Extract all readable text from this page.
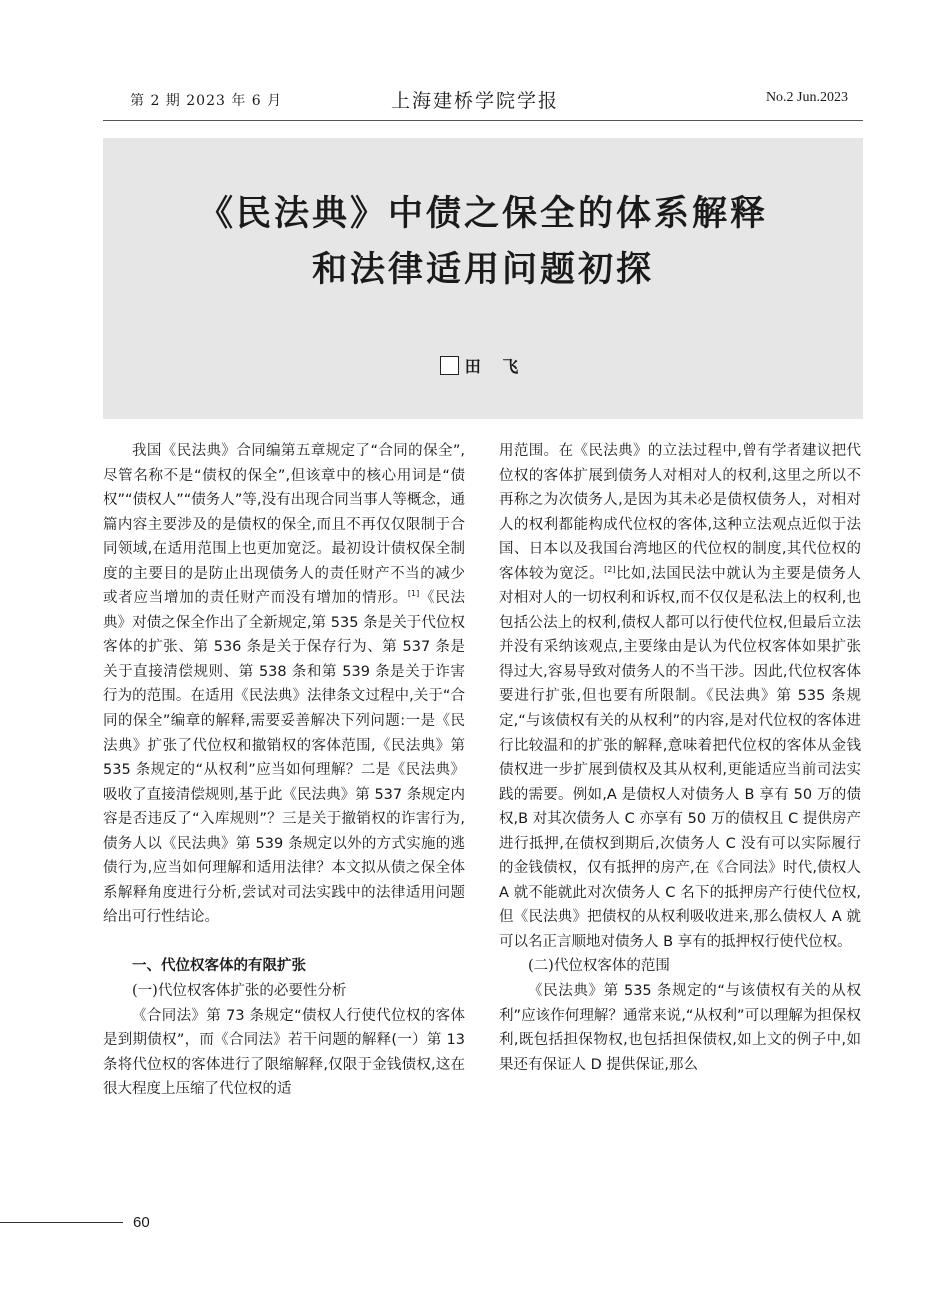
第 2 期 2023 年 6 月	上海建桥学院学报	No.2 Jun.2023
《民法典》中债之保全的体系解释
和法律适用问题初探
田 飞

我国《民法典》合同编第五章规定了“合同的保全”,尽管名称不是“债权的保全”,但该章中的核心用词是“债权”“债权人”“债务人”等,没有出现合同当事人等概念，通篇内容主要涉及的是债权的保全,而且不再仅仅限制于合同领域,在适用范围上也更加宽泛。最初设计债权保全制度的主要目的是防止出现债务人的责任财产不当的减少或者应当增加的责任财产而没有增加的情形。[1]《民法典》对债之保全作出了全新规定,第 535 条是关于代位权客体的扩张、第 536 条是关于保存行为、第 537 条是关于直接清偿规则、第 538 条和第 539 条是关于诈害行为的范围。在适用《民法典》法律条文过程中,关于“合同的保全”编章的解释,需要妥善解决下列问题:一是《民法典》扩张了代位权和撤销权的客体范围,《民法典》第 535 条规定的“从权利”应当如何理解？二是《民法典》吸收了直接清偿规则,基于此《民法典》第 537 条规定内容是否违反了“入库规则”？三是关于撤销权的诈害行为,债务人以《民法典》第 539 条规定以外的方式实施的逃债行为,应当如何理解和适用法律？本文拟从债之保全体系解释角度进行分析,尝试对司法实践中的法律适用问题给出可行性结论。

一、代位权客体的有限扩张

(一)代位权客体扩张的必要性分析

《合同法》第 73 条规定“债权人行使代位权的客体是到期债权”，而《合同法》若干问题的解释(一）第 13 条将代位权的客体进行了限缩解释,仅限于金钱债权,这在很大程度上压缩了代位权的适

用范围。在《民法典》的立法过程中,曾有学者建议把代位权的客体扩展到债务人对相对人的权利,这里之所以不再称之为次债务人,是因为其未必是债权债务人，对相对人的权利都能构成代位权的客体,这种立法观点近似于法国、日本以及我国台湾地区的代位权的制度,其代位权的客体较为宽泛。[2]比如,法国民法中就认为主要是债务人对相对人的一切权利和诉权,而不仅仅是私法上的权利,也包括公法上的权利,债权人都可以行使代位权,但最后立法并没有采纳该观点,主要缘由是认为代位权客体如果扩张得过大,容易导致对债务人的不当干涉。因此,代位权客体要进行扩张,但也要有所限制。《民法典》第 535 条规定,“与该债权有关的从权利”的内容,是对代位权的客体进行比较温和的扩张的解释,意味着把代位权的客体从金钱债权进一步扩展到债权及其从权利,更能适应当前司法实践的需要。例如,A 是债权人对债务人 B 享有 50 万的债权,B 对其次债务人 C 亦享有 50 万的债权且 C 提供房产进行抵押,在债权到期后,次债务人 C 没有可以实际履行的金钱债权，仅有抵押的房产,在《合同法》时代,债权人 A 就不能就此对次债务人 C 名下的抵押房产行使代位权,但《民法典》把债权的从权利吸收进来,那么债权人 A 就可以名正言顺地对债务人 B 享有的抵押权行使代位权。

(二)代位权客体的范围

《民法典》第 535 条规定的“与该债权有关的从权利”应该作何理解？通常来说,“从权利”可以理解为担保权利,既包括担保物权,也包括担保债权,如上文的例子中,如果还有保证人 D 提供保证,那么

60
